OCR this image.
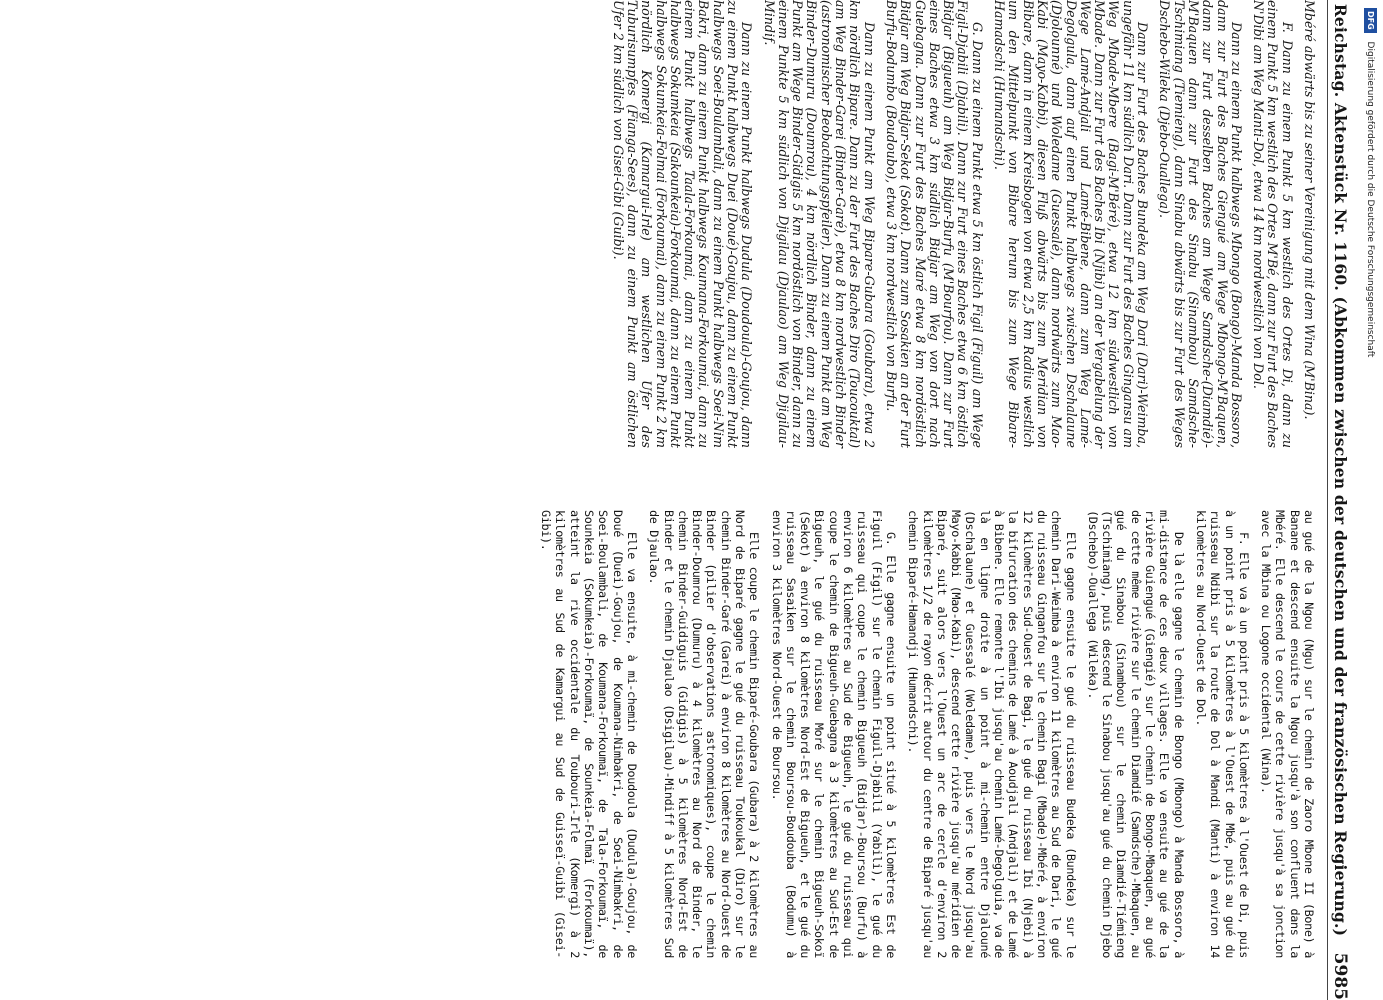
Reichstag. Aktenstück Nr. 1160. (Abkommen zwischen der deutschen und der französischen Regierung.)
5985

Mbéré abwärts bis zu seiner Vereinigung mit dem Wina (M'Bina).

F. Dann zu einem Punkt 5 km westlich des Ortes Di, dann zu einem Punkt 5 km westlich des Ortes M'Bé, dann zur Furt des Baches N'Dibi am Weg Manti-Dol, etwa 14 km nordwestlich von Dol.

Dann zu einem Punkt halbwegs Mbongo (Bongo)-Manda Bossoro, dann zur Furt des Baches Giengué am Wege Mbongo-M'Baquen, dann zur Furt desselben Baches am Wege Samdsche-(Diamdié)-M'Baquen dann zur Furt des Sinabu (Sinambou) Samdsche-Tschimiang (Tiemieng), dann Sinabu abwärts bis zur Furt des Weges Dschebo-Wileka (Djebo-Ouallega).

Dann zur Furt des Baches Bundeka am Weg Dari (Dari)-Weimba, ungefähr 11 km südlich Dari. Dann zur Furt des Baches Gingansu am Weg Mbade-Mbere (Bagi-M'Béré), etwa 12 km südwestlich von Mbade. Dann zur Furt des Baches Ibi (Njibi) an der Vergabelung der Wege Lamé-Andjali und Lamé-Bibene, dann zum Weg Lamé-Degolgula, dann auf einen Punkt halbwegs zwischen Dschalaune (Djolounné) und Woledame (Guessalé), dann nordwärts zum Mao-Kabi (Mayo-Kabbi), diesen Fluß abwärts bis zum Meridian von Bibare, dann in einem Kreisbogen von etwa 2,5 km Radius westlich um den Mittelpunkt von Bibare herum bis zum Wege Bibare-Hamadschi (Humandschi).

G. Dann zu einem Punkt etwa 5 km östlich Figil (Figuil) am Wege Figil-Djabili (Djabili). Dann zur Furt eines Baches etwa 6 km östlich Bidjar (Bigueuh) am Weg Bidjar-Burfu (M'Bourfou). Dann zur Furt eines Baches etwa 3 km südlich Bidjar am Weg von dort nach Guebagna. Dann zur Furt des Baches Maré etwa 8 km nordöstlich Bidjar am Weg Bidjar-Sekot (Sokot). Dann zum Sosakien an der Furt Burfu-Bodumbo (Boudoubo), etwa 3 km nordwestlich von Burfu.

Dann zu einem Punkt am Weg Bipare-Gubara (Goubara), etwa 2 km nördlich Bipare. Dann zu der Furt des Baches Diro (Toucouktal) am Weg Binder-Garei (Binder-Garé), etwa 8 km nordwestlich Binder (astronomischer Beobachtungspfeiler). Dann zu einem Punkt am Weg Binder-Dumuru (Doumrou), 4 km nördlich Binder, dann zu einem Punkt am Wege Binder-Gidigis 5 km nordöstlich von Binder, dann zu einem Punkte 5 km südlich von Djigilau (Djaulao) am Weg Djigilau-Mindif.

Dann zu einem Punkt halbwegs Dudula (Doudoula)-Goujou, dann zu einem Punkt halbwegs Duei (Doué)-Goujou, dann zu einem Punkt halbwegs Soei-Boulambali, dann zu einem Punkt halbwegs Soei-Nim Bakri, dann zu einem Punkt halbwegs Koumana-Forkoumai, dann zu einem Punkt halbwegs Taala-Forkoumai, dann zu einem Punkt halbwegs Sokumkeia (Sakounkeia)-Forkoumai, dann zu einem Punkt halbwegs Sokumkeia-Folmai (Forkoumai), dann zu einem Punkt 2 km nördlich Komergi (Kamargui-Irle) am westlichen Ufer des Tuburisumpfes (Fianga-Sees), dann zu einem Punkt am östlichen Ufer 2 km südlich von Gisei-Gibi (Guibi).

au gué de la Ngou (Ngu) sur le chemin de Zaoro Mbone II (Bone) à Banane et descend ensuite la Ngou jusqu'à son confluent dans la Mbéré. Elle descend le cours de cette rivière jusqu'à sa jonction avec la Mbina ou Logone occidental (Wina).

F. Elle va à un point pris à 5 kilomètres à l'Ouest de Di, puis à un point pris à 5 kilomètres à l'Ouest de Mbé, puis au gué du ruisseau Ndibi sur la route de Dol à Mandi (Manti) à environ 14 kilomètres au Nord-Ouest de Dol.

De là elle gagne le chemin de Bongo (Mbongo) à Manda Bossoro, à mi-distance de ces deux villages. Elle va ensuite au gué de la rivière Guiengué (Giengié) sur le chemin de Bongo-Mbaquen, au gué de cette même rivière sur le chemin Diamdié (Samdsche)-Mbaquen, au gué du Sinabou (Sinambou) sur le chemin Diamdié-Tiémieng (Tschimiang), puis descend le Sinabou jusqu'au gué du chemin Djebo (Dschebo)-Ouallega (Wileka).

Elle gagne ensuite le gué du ruisseau Budeka (Bundeka) sur le chemin Dari-Weimba à environ 11 kilomètres au Sud de Dari, le gué du ruisseau Ginganfou sur le chemin Bagi (Mbade)-Mbéré, à environ 12 kilomètres Sud-Ouest de Bagi, le gué du ruisseau Ibi (Njebi) à la bifurcation des chemins de Lamé à Aoudjali (Andjali) et de Lamé à Bibene. Elle remonte l'Ibi jusqu'au chemin Lamé-Degolguia, va de là en ligne droite à un point à mi-chemin entre Djalouné (Dschalaune) et Guessalé (Woledame), puis vers le Nord jusqu'au Mayo-Kabbi (Mao-Kabi), descend cette rivière jusqu'au méridien de Biparé, suit alors vers l'Ouest un arc de cercle d'environ 2 kilomètres 1/2 de rayon décrit autour du centre de Biparé jusqu'au chemin Biparé-Hamandji (Humandschi).

G. Elle gagne ensuite un point situé à 5 kilomètres Est de Figuil (Figil) sur le chemin Figuil-Djabili (Yabili), le gué du ruisseau qui coupe le chemin Bigueuh (Bidjar)-Boursou (Burfu) à environ 6 kilomètres au Sud de Bigueuh, le gué du ruisseau qui coupe le chemin de Bigueuh-Guebagna à 3 kilomètres au Sud-Est de Bigueuh, le gué du ruisseau Moré sur le chemin Bigueuh-Sokoï (Sekot) à environ 8 kilomètres Nord-Est de Bigueuh, et le gué du ruisseau Sasaiken sur le chemin Boursou-Boudouba (Bodumu) à environ 3 kilomètres Nord-Ouest de Boursou.

Elle coupe le chemin Biparé-Goubara (Gubara) à 2 kilomètres au Nord de Biparé gagne le gué du ruisseau Toukoukal (Diro) sur le chemin Binder-Garé (Garei) à environ 8 kilomètres au Nord-Ouest de Binder (pilier d'observations astronomiques), coupe le chemin Binder-Doumrou (Dumuru) à 4 kilomètres au Nord de Binder, le chemin Binder-Guidiguis (Gidigis) à 5 kilomètres Nord-Est de Binder et le chemin Djaulao (Dsigilau)-Mindiff à 5 kilomètres Sud de Djaulao.

Elle va ensuite, à mi-chemin de Doudoula (Dudula)-Goujou, de Doué (Duei)-Goujou, de Koumana-Nimbakri, de Soei-Nimbakri, de Soei-Boulambali, de Koumana-Forkoumaï, de Tala-Forkoumaï, de Sounkeia (Sokumkeia)-Forkoumaï, de Sounkeia-Folmaï (Forkoumaï), atteint la rive occidentale du Toubouri-Irle (Komergi) à 2 kilomètres au Sud de Kamargui au Sud de Guisseï-Guibi (Gisei-Gibi).

DFG Digitalisierung gefördert durch die Deutsche Forschungsgemeinschaft
